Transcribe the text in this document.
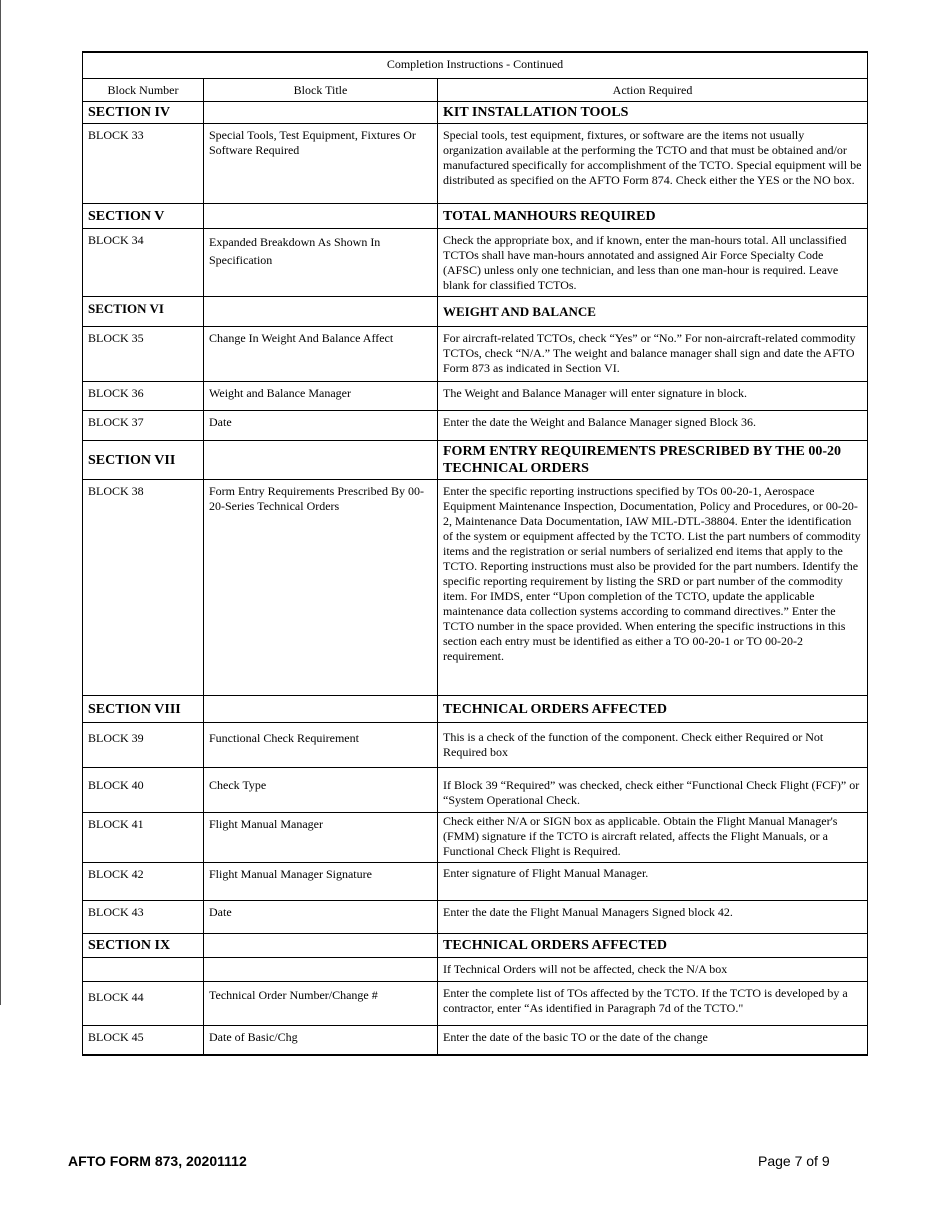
Completion Instructions - Continued		
Block Number	Block Title	Action Required
SECTION IV		KIT INSTALLATION TOOLS
BLOCK 33	Special Tools, Test Equipment, Fixtures Or Software Required	Special tools, test equipment, fixtures, or software are the items not usually organization available at the performing the TCTO and that must be obtained and/or manufactured specifically for accomplishment of the TCTO. Special equipment will be distributed as specified on the AFTO Form 874. Check either the YES or the NO box.
SECTION V		TOTAL MANHOURS REQUIRED
BLOCK 34	Expanded Breakdown As Shown In Specification	Check the appropriate box, and if known, enter the man-hours total. All unclassified TCTOs shall have man-hours annotated and assigned Air Force Specialty Code (AFSC) unless only one technician, and less than one man-hour is required. Leave blank for classified TCTOs.
SECTION VI		WEIGHT AND BALANCE
BLOCK 35	Change In Weight And Balance Affect	For aircraft-related TCTOs, check “Yes” or “No.” For non-aircraft-related commodity TCTOs, check “N/A.” The weight and balance manager shall sign and date the AFTO Form 873 as indicated in Section VI.
BLOCK 36	Weight and Balance Manager	The Weight and Balance Manager will enter signature in block.
BLOCK 37	Date	Enter the date the Weight and Balance Manager signed Block 36.
SECTION VII		FORM ENTRY REQUIREMENTS PRESCRIBED BY THE 00-20 TECHNICAL ORDERS
BLOCK 38	Form Entry Requirements Prescribed By 00-20-Series Technical Orders	Enter the specific reporting instructions specified by TOs 00-20-1, Aerospace Equipment Maintenance Inspection, Documentation, Policy and Procedures, or 00-20-2, Maintenance Data Documentation, IAW MIL-DTL-38804. Enter the identification of the system or equipment affected by the TCTO. List the part numbers of commodity items and the registration or serial numbers of serialized end items that apply to the TCTO. Reporting instructions must also be provided for the part numbers. Identify the specific reporting requirement by listing the SRD or part number of the commodity item. For IMDS, enter “Upon completion of the TCTO, update the applicable maintenance data collection systems according to command directives.” Enter the TCTO number in the space provided. When entering the specific instructions in this section each entry must be identified as either a TO 00-20-1 or TO 00-20-2 requirement.
SECTION VIII		TECHNICAL ORDERS AFFECTED
BLOCK 39	Functional Check Requirement	This is a check of the function of the component. Check either Required or Not Required box
BLOCK 40	Check Type	If Block 39 “Required” was checked, check either “Functional Check Flight (FCF)” or “System Operational Check.
BLOCK 41	Flight Manual Manager	Check either N/A or SIGN box as applicable. Obtain the Flight Manual Manager's (FMM) signature if the TCTO is aircraft related, affects the Flight Manuals, or a Functional Check Flight is Required.
BLOCK 42	Flight Manual Manager Signature	Enter signature of Flight Manual Manager.
BLOCK 43	Date	Enter the date the Flight Manual Managers Signed block 42.
SECTION IX		TECHNICAL ORDERS AFFECTED
		If Technical Orders will not be affected, check the N/A box
BLOCK 44	Technical Order Number/Change #	Enter the complete list of TOs affected by the TCTO. If the TCTO is developed by a contractor, enter “As identified in Paragraph 7d of the TCTO."
BLOCK 45	Date of Basic/Chg	Enter the date of the basic TO or the date of the change
AFTO FORM 873, 20201112	Page 7 of 9
